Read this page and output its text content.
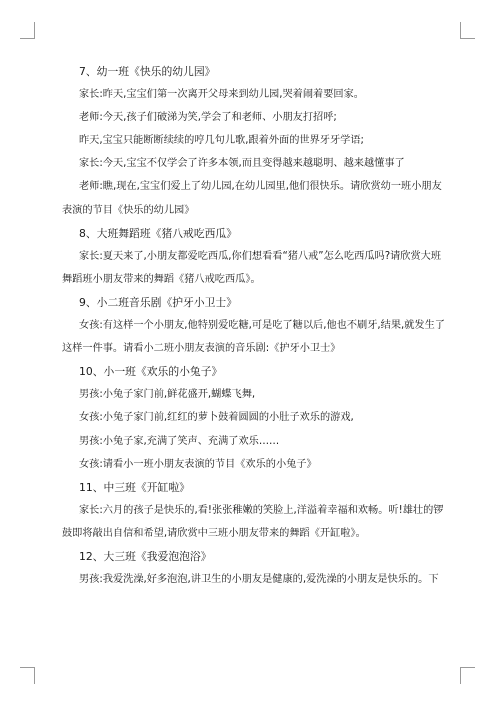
7、幼一班《快乐的幼儿园》

家长:昨天,宝宝们第一次离开父母来到幼儿园,哭着闹着要回家。

老师:今天,孩子们破涕为笑,学会了和老师、小朋友打招呼;

昨天,宝宝只能断断续续的哼几句儿歌,跟着外面的世界牙牙学语;

家长:今天,宝宝不仅学会了许多本领,而且变得越来越聪明、越来越懂事了

老师:瞧,现在,宝宝们爱上了幼儿园,在幼儿园里,他们很快乐。请欣赏幼一班小朋友表演的节目《快乐的幼儿园》

8、大班舞蹈班《猪八戒吃西瓜》

家长:夏天来了,小朋友都爱吃西瓜,你们想看看“猪八戒”怎么吃西瓜吗?请欣赏大班舞蹈班小朋友带来的舞蹈《猪八戒吃西瓜》。

9、小二班音乐剧《护牙小卫士》

女孩:有这样一个小朋友,他特别爱吃糖,可是吃了糖以后,他也不刷牙,结果,就发生了这样一件事。请看小二班小朋友表演的音乐剧:《护牙小卫士》

10、小一班《欢乐的小兔子》

男孩:小兔子家门前,鲜花盛开,蝴蝶飞舞,

女孩:小兔子家门前,红红的萝卜鼓着圆圆的小肚子欢乐的游戏,

男孩:小兔子家,充满了笑声、充满了欢乐……

女孩:请看小一班小朋友表演的节目《欢乐的小兔子》

11、中三班《开缸啦》

家长:六月的孩子是快乐的,看!张张稚嫩的笑脸上,洋溢着幸福和欢畅。听!雄壮的锣鼓即将敲出自信和希望,请欣赏中三班小朋友带来的舞蹈《开缸啦》。

12、大三班《我爱泡泡浴》

男孩:我爱洗澡,好多泡泡,讲卫生的小朋友是健康的,爱洗澡的小朋友是快乐的。下
